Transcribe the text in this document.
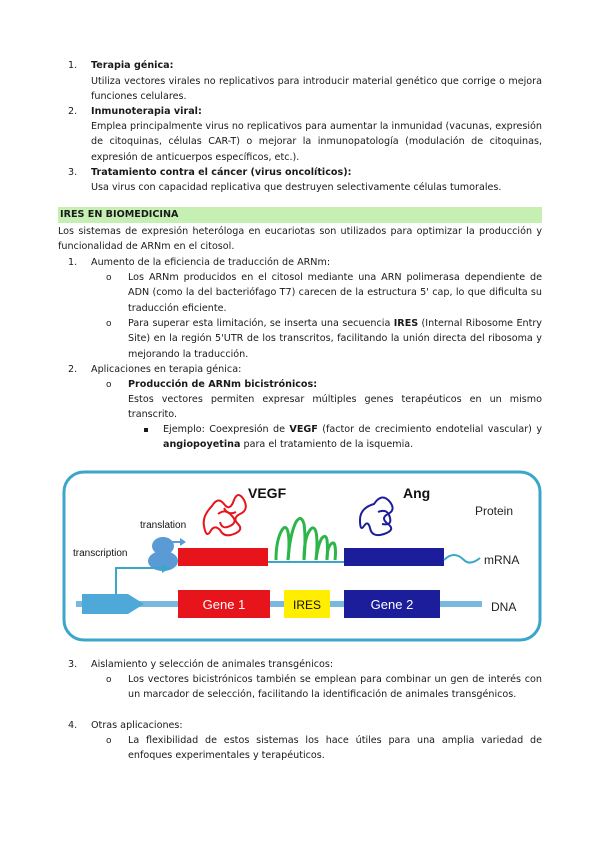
1. Terapia génica:
Utiliza vectores virales no replicativos para introducir material genético que corrige o mejora funciones celulares.
2. Inmunoterapia viral:
Emplea principalmente virus no replicativos para aumentar la inmunidad (vacunas, expresión de citoquinas, células CAR-T) o mejorar la inmunopatología (modulación de citoquinas, expresión de anticuerpos específicos, etc.).
3. Tratamiento contra el cáncer (virus oncolíticos):
Usa virus con capacidad replicativa que destruyen selectivamente células tumorales.
IRES EN BIOMEDICINA
Los sistemas de expresión heteróloga en eucariotas son utilizados para optimizar la producción y funcionalidad de ARNm en el citosol.
1. Aumento de la eficiencia de traducción de ARNm:
o Los ARNm producidos en el citosol mediante una ARN polimerasa dependiente de ADN (como la del bacteriófago T7) carecen de la estructura 5' cap, lo que dificulta su traducción eficiente.
o Para superar esta limitación, se inserta una secuencia IRES (Internal Ribosome Entry Site) en la región 5'UTR de los transcritos, facilitando la unión directa del ribosoma y mejorando la traducción.
2. Aplicaciones en terapia génica:
o Producción de ARNm bicistrónicos:
Estos vectores permiten expresar múltiples genes terapéuticos en un mismo transcrito.
Ejemplo: Coexpresión de VEGF (factor de crecimiento endotelial vascular) y angiopoyetina para el tratamiento de la isquemia.
VEGF	Ang
Protein
translation
transcription	mRNA
DNA
Gene 1	IRES	Gene 2
3. Aislamiento y selección de animales transgénicos:
o Los vectores bicistrónicos también se emplean para combinar un gen de interés con un marcador de selección, facilitando la identificación de animales transgénicos.
4. Otras aplicaciones:
o La flexibilidad de estos sistemas los hace útiles para una amplia variedad de enfoques experimentales y terapéuticos.
